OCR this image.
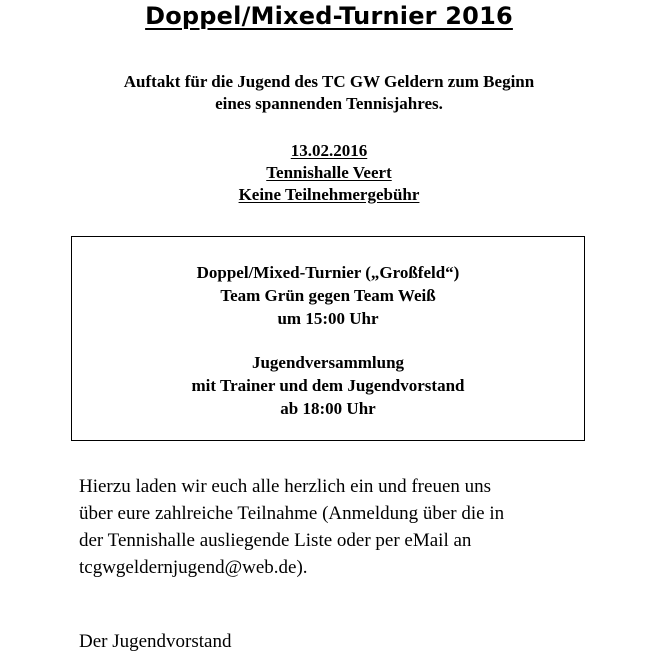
Doppel/Mixed-Turnier 2016
Auftakt für die Jugend des TC GW Geldern zum Beginn
eines spannenden Tennisjahres.
13.02.2016
Tennishalle Veert
Keine Teilnehmergebühr
Doppel/Mixed-Turnier („Großfeld“)
Team Grün gegen Team Weiß
um 15:00 Uhr
Jugendversammlung
mit Trainer und dem Jugendvorstand
ab 18:00 Uhr
Hierzu laden wir euch alle herzlich ein und freuen uns
über eure zahlreiche Teilnahme (Anmeldung über die in
der Tennishalle ausliegende Liste oder per eMail an
tcgwgeldernjugend@web.de).
Der Jugendvorstand
